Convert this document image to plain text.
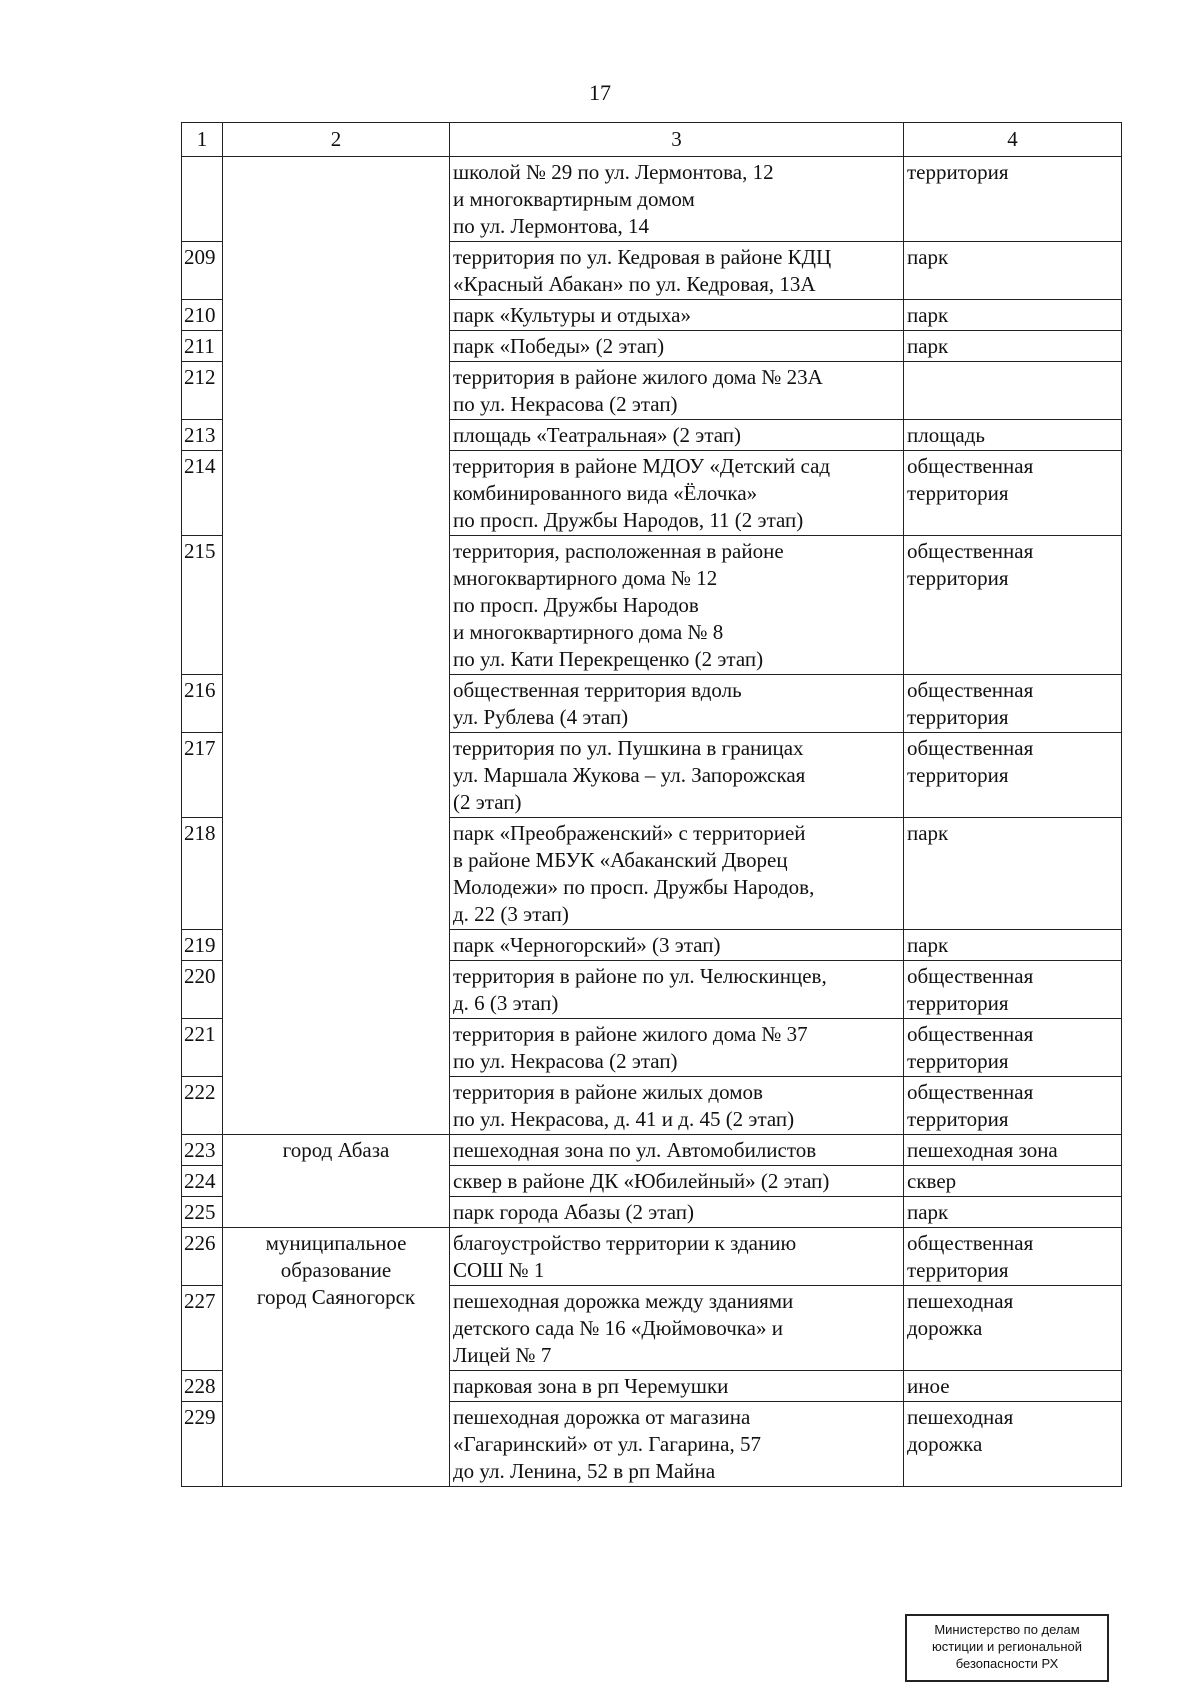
17
1	2	3	4

		школой № 29 по ул. Лермонтова, 12
и многоквартирным домом
по ул. Лермонтова, 14	территория

209		территория по ул. Кедровая в районе КДЦ
«Красный Абакан» по ул. Кедровая, 13А	парк

210		парк «Культуры и отдыха»	парк

211		парк «Победы» (2 этап)	парк

212		территория в районе жилого дома № 23А
по ул. Некрасова (2 этап)	

213		площадь «Театральная» (2 этап)	площадь

214		территория в районе МДОУ «Детский сад
комбинированного вида «Ёлочка»
по просп. Дружбы Народов, 11 (2 этап)	общественная
территория

215		территория, расположенная в районе
многоквартирного дома № 12
по просп. Дружбы Народов
и многоквартирного дома № 8
по ул. Кати Перекрещенко (2 этап)	общественная
территория

216		общественная территория вдоль
ул. Рублева (4 этап)	общественная
территория

217		территория по ул. Пушкина в границах
ул. Маршала Жукова – ул. Запорожская
(2 этап)	общественная
территория

218		парк «Преображенский» с территорией
в районе МБУК «Абаканский Дворец
Молодежи» по просп. Дружбы Народов,
д. 22 (3 этап)	парк

219		парк «Черногорский» (3 этап)	парк

220		территория в районе по ул. Челюскинцев,
д. 6 (3 этап)	общественная
территория

221		территория в районе жилого дома № 37
по ул. Некрасова (2 этап)	общественная
территория

222		территория в районе жилых домов
по ул. Некрасова, д. 41 и д. 45 (2 этап)	общественная
территория

223	город Абаза	пешеходная зона по ул. Автомобилистов	пешеходная зона

224		сквер в районе ДК «Юбилейный» (2 этап)	сквер

225		парк города Абазы (2 этап)	парк

226	муниципальное
образование
город Саяногорск	благоустройство территории к зданию
СОШ № 1	общественная
территория

227		пешеходная дорожка между зданиями
детского сада № 16 «Дюймовочка» и
Лицей № 7	пешеходная
дорожка

228		парковая зона в рп Черемушки	иное

229		пешеходная дорожка от магазина
«Гагаринский» от ул. Гагарина, 57
до ул. Ленина, 52 в рп Майна	пешеходная
дорожка
Министерство по делам
юстиции и региональной
безопасности РХ
